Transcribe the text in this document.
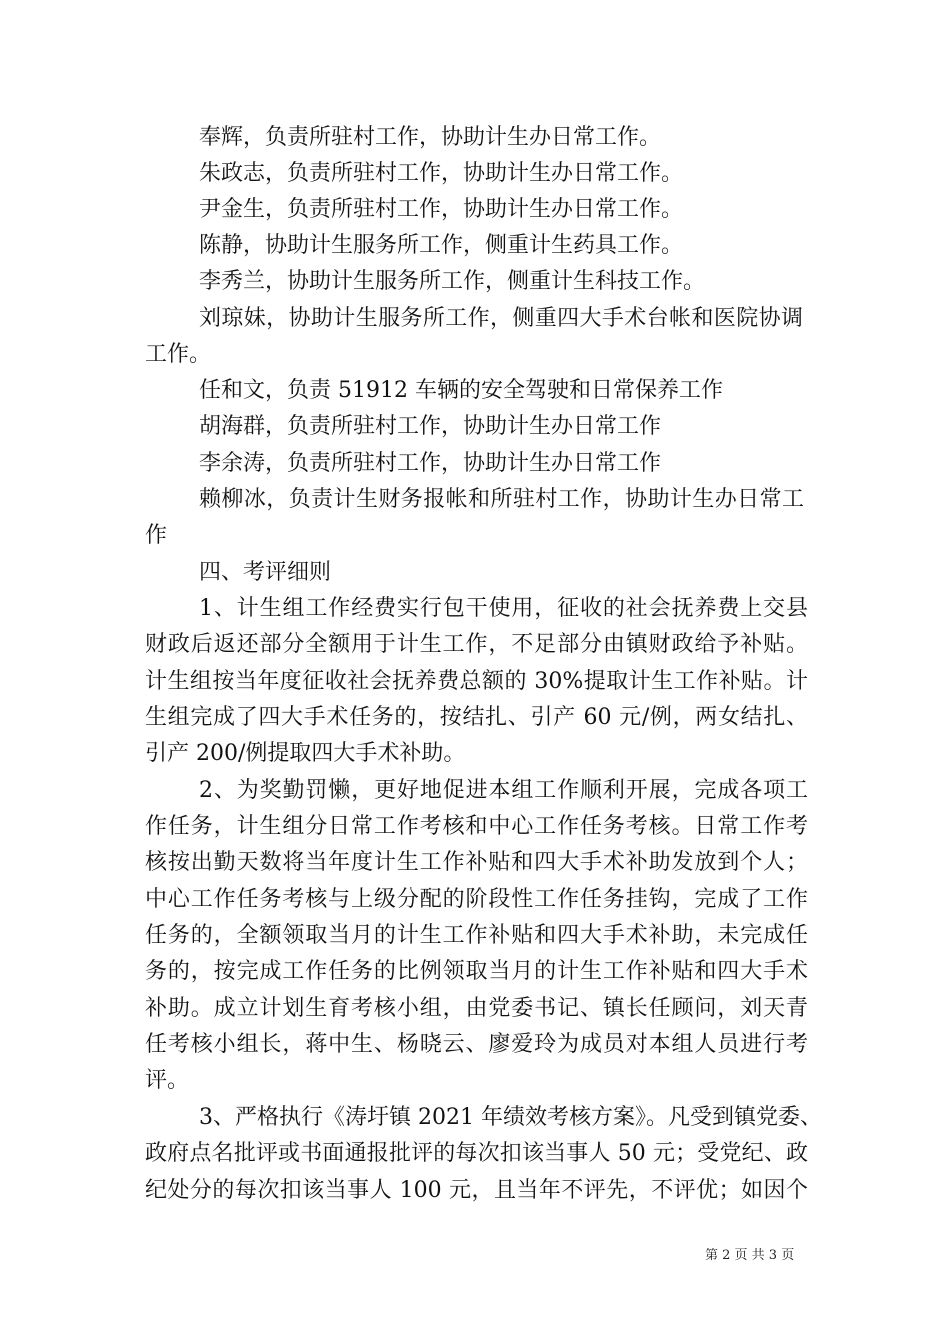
奉辉，负责所驻村工作，协助计生办日常工作。
朱政志，负责所驻村工作，协助计生办日常工作。
尹金生，负责所驻村工作，协助计生办日常工作。
陈静，协助计生服务所工作，侧重计生药具工作。
李秀兰，协助计生服务所工作，侧重计生科技工作。
刘琼妹，协助计生服务所工作，侧重四大手术台帐和医院协调
工作。
任和文，负责 51912 车辆的安全驾驶和日常保养工作
胡海群，负责所驻村工作，协助计生办日常工作
李余涛，负责所驻村工作，协助计生办日常工作
赖柳冰，负责计生财务报帐和所驻村工作，协助计生办日常工
作
四、考评细则
1、计生组工作经费实行包干使用，征收的社会抚养费上交县
财政后返还部分全额用于计生工作，不足部分由镇财政给予补贴。
计生组按当年度征收社会抚养费总额的 30%提取计生工作补贴。计
生组完成了四大手术任务的，按结扎、引产 60 元/例，两女结扎、
引产 200/例提取四大手术补助。
2、为奖勤罚懒，更好地促进本组工作顺利开展，完成各项工
作任务，计生组分日常工作考核和中心工作任务考核。日常工作考
核按出勤天数将当年度计生工作补贴和四大手术补助发放到个人；
中心工作任务考核与上级分配的阶段性工作任务挂钩，完成了工作
任务的，全额领取当月的计生工作补贴和四大手术补助，未完成任
务的，按完成工作任务的比例领取当月的计生工作补贴和四大手术
补助。成立计划生育考核小组，由党委书记、镇长任顾问，刘天青
任考核小组长，蒋中生、杨晓云、廖爱玲为成员对本组人员进行考
评。
3、严格执行《涛圩镇 2021 年绩效考核方案》。凡受到镇党委、
政府点名批评或书面通报批评的每次扣该当事人 50 元；受党纪、政
纪处分的每次扣该当事人 100 元，且当年不评先，不评优；如因个
第 2 页 共 3 页
